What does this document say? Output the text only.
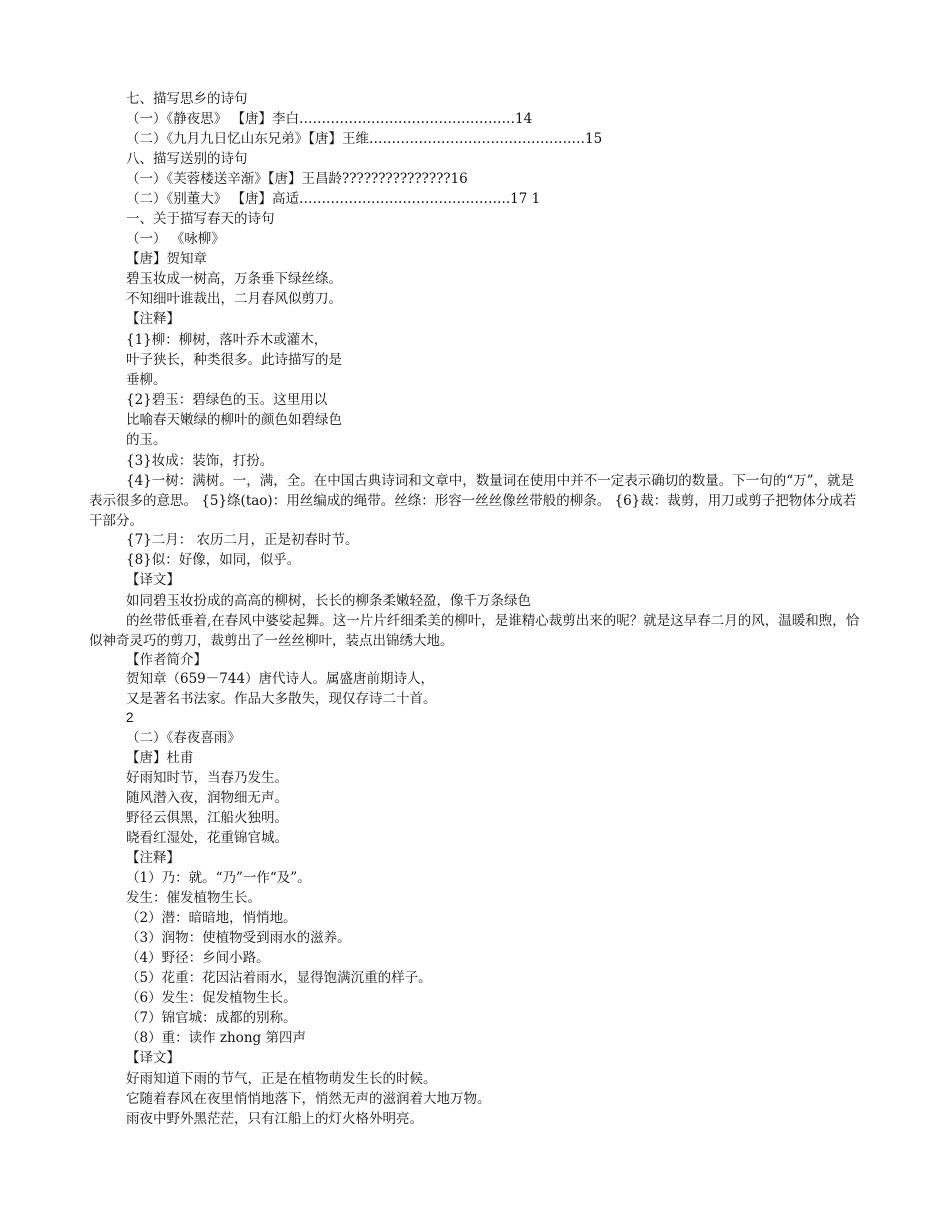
七、描写思乡的诗句
（一）《静夜思》 【唐】李白…………………………………………14
（二）《九月九日忆山东兄弟》【唐】王维…………………………………………15
八、描写送别的诗句
（一）《芙蓉楼送辛渐》【唐】王昌龄???????????????16
（二）《别董大》 【唐】高适………………………………………..17 1
一、关于描写春天的诗句
（一） 《咏柳》
【唐】贺知章
碧玉妆成一树高，万条垂下绿丝绦。
不知细叶谁裁出，二月春风似剪刀。
【注释】
{1}柳：柳树，落叶乔木或灌木，
叶子狭长，种类很多。此诗描写的是
垂柳。
{2}碧玉：碧绿色的玉。这里用以
比喻春天嫩绿的柳叶的颜色如碧绿色
的玉。
{3}妆成：装饰，打扮。
{4}一树：满树。一，满，全。在中国古典诗词和文章中，数量词在使用中并不一定表示确切的数量。下一句的“万”，就是表示很多的意思。 {5}绦(tao)：用丝编成的绳带。丝绦：形容一丝丝像丝带般的柳条。 {6}裁：裁剪，用刀或剪子把物体分成若干部分。
{7}二月： 农历二月，正是初春时节。
{8}似：好像，如同，似乎。
【译文】
如同碧玉妆扮成的高高的柳树，长长的柳条柔嫩轻盈，像千万条绿色
的丝带低垂着,在春风中婆娑起舞。这一片片纤细柔美的柳叶，是谁精心裁剪出来的呢？就是这早春二月的风，温暖和煦，恰似神奇灵巧的剪刀，裁剪出了一丝丝柳叶，装点出锦绣大地。
【作者简介】
贺知章（659－744）唐代诗人。属盛唐前期诗人，
又是著名书法家。作品大多散失，现仅存诗二十首。
2
（二）《春夜喜雨》
【唐】杜甫
好雨知时节，当春乃发生。
随风潜入夜，润物细无声。
野径云俱黑，江船火独明。
晓看红湿处，花重锦官城。
【注释】
（1）乃：就。“乃”一作“及”。
发生：催发植物生长。
（2）潜：暗暗地，悄悄地。
（3）润物：使植物受到雨水的滋养。
（4）野径：乡间小路。
（5）花重：花因沾着雨水，显得饱满沉重的样子。
（6）发生：促发植物生长。
（7）锦官城：成都的别称。
（8）重：读作 zhong 第四声
【译文】
好雨知道下雨的节气，正是在植物萌发生长的时候。
它随着春风在夜里悄悄地落下，悄然无声的滋润着大地万物。
雨夜中野外黑茫茫，只有江船上的灯火格外明亮。
